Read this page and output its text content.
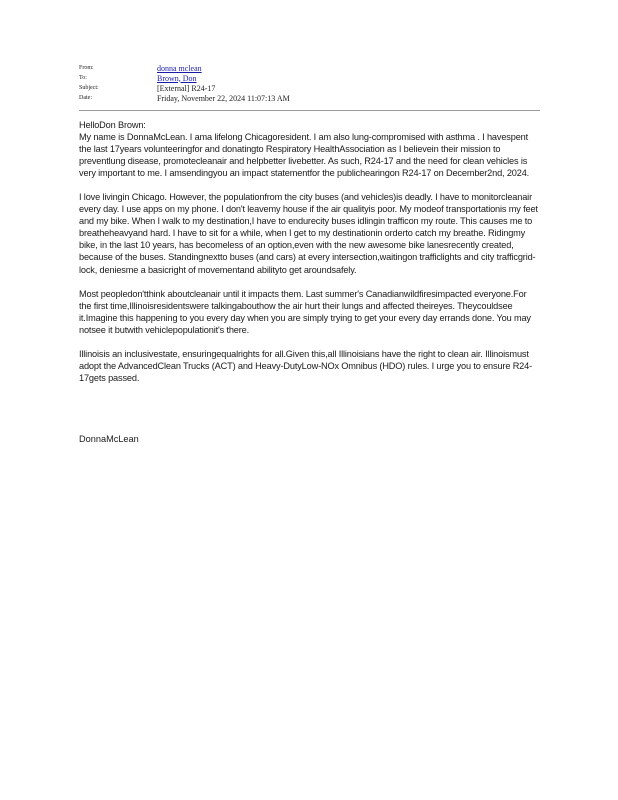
From:	donna mclean
To:	Brown, Don
Subject:	[External] R24-17
Date:	Friday, November 22, 2024 11:07:13 AM

HelloDon Brown:

My name is DonnaMcLean. I ama lifelong Chicagoresident. I am also lung-compromised with asthma . I havespent the last 17years volunteeringfor and donatingto Respiratory HealthAssociation as I believein their mission to preventlung disease, promotecleanair and helpbetter livebetter. As such, R24-17 and the need for clean vehicles is very important to me. I amsendingyou an impact statementfor the publichearingon R24-17 on December2nd, 2024.

I love livingin Chicago. However, the populationfrom the city buses (and vehicles)is deadly. I have to monitorcleanair every day. I use apps on my phone. I don't leavemy house if the air qualityis poor. My modeof transportationis my feet and my bike. When I walk to my destination,I have to endurecity buses idlingin trafficon my route. This causes me to breatheheavyand hard. I have to sit for a while, when I get to my destinationin orderto catch my breathe. Ridingmy bike, in the last 10 years, has becomeless of an option,even with the new awesome bike lanesrecently created, because of the buses. Standingnextto buses (and cars) at every intersection,waitingon trafficlights and city trafficgrid-lock, deniesme a basicright of movementand abilityto get aroundsafely.

Most peopledon'tthink aboutcleanair until it impacts them. Last summer's Canadianwildfiresimpacted everyone.For the first time,Illinoisresidentswere talkingabouthow the air hurt their lungs and affected theireyes. Theycouldsee it.Imagine this happening to you every day when you are simply trying to get your every day errands done. You may notsee it butwith vehiclepopulationit's there.

Illinoisis an inclusivestate, ensuringequalrights for all.Given this,all Illinoisians have the right to clean air. Illinoismust adopt the AdvancedClean Trucks (ACT) and Heavy-DutyLow-NOx Omnibus (HDO) rules. I urge you to ensure R24-17gets passed.

DonnaMcLean
